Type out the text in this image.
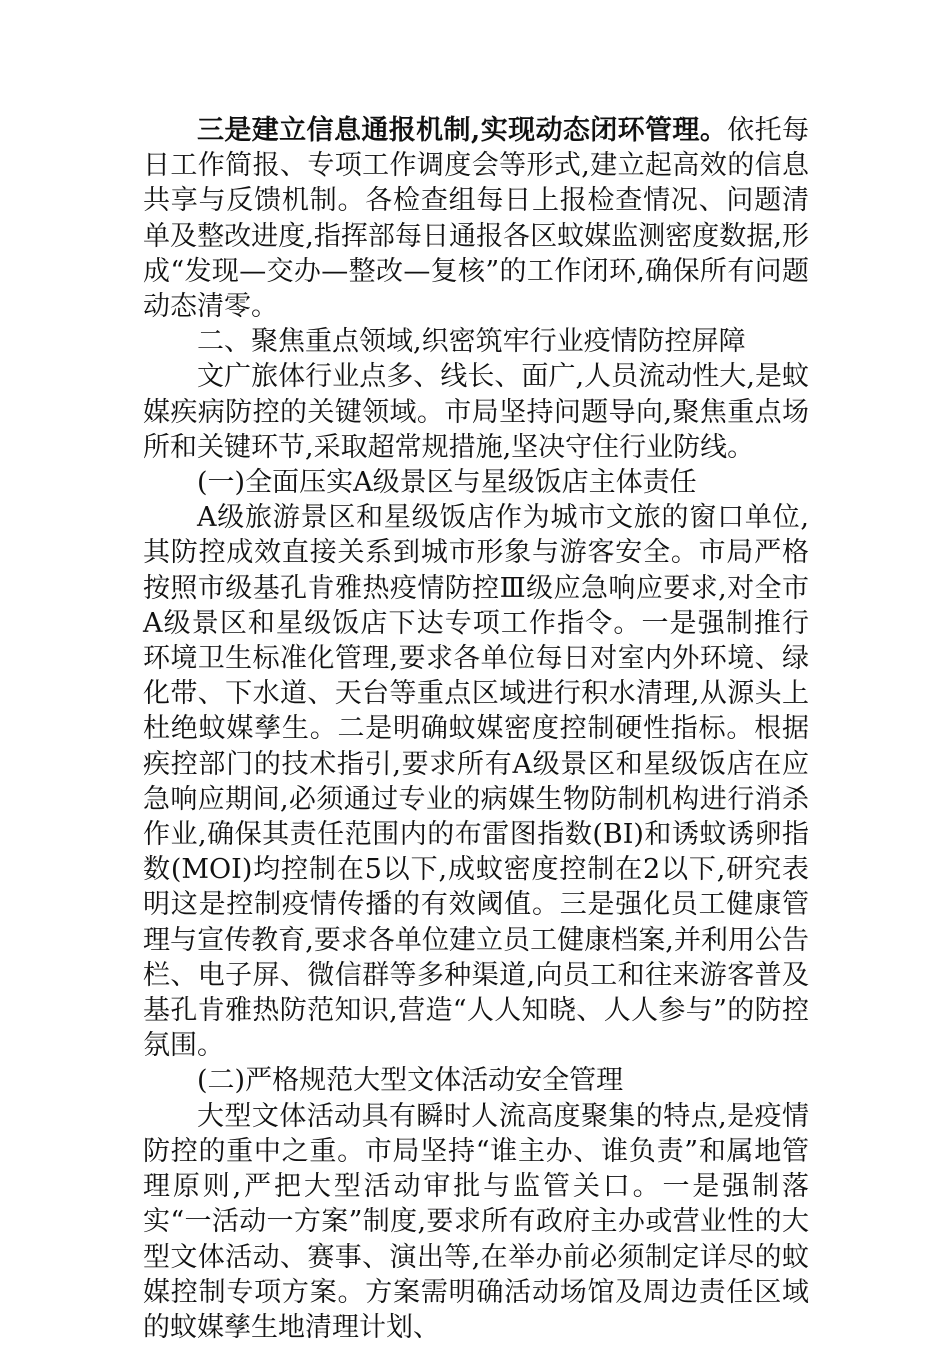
三是建立信息通报机制,实现动态闭环管理。依托每日工作简报、专项工作调度会等形式,建立起高效的信息共享与反馈机制。各检查组每日上报检查情况、问题清单及整改进度,指挥部每日通报各区蚊媒监测密度数据,形成“发现—交办—整改—复核”的工作闭环,确保所有问题动态清零。

二、聚焦重点领域,织密筑牢行业疫情防控屏障

文广旅体行业点多、线长、面广,人员流动性大,是蚊媒疾病防控的关键领域。市局坚持问题导向,聚焦重点场所和关键环节,采取超常规措施,坚决守住行业防线。

(一)全面压实A级景区与星级饭店主体责任

A级旅游景区和星级饭店作为城市文旅的窗口单位,其防控成效直接关系到城市形象与游客安全。市局严格按照市级基孔肯雅热疫情防控Ⅲ级应急响应要求,对全市A级景区和星级饭店下达专项工作指令。一是强制推行环境卫生标准化管理,要求各单位每日对室内外环境、绿化带、下水道、天台等重点区域进行积水清理,从源头上杜绝蚊媒孳生。二是明确蚊媒密度控制硬性指标。根据疾控部门的技术指引,要求所有A级景区和星级饭店在应急响应期间,必须通过专业的病媒生物防制机构进行消杀作业,确保其责任范围内的布雷图指数(BI)和诱蚊诱卵指数(MOI)均控制在5以下,成蚊密度控制在2以下,研究表明这是控制疫情传播的有效阈值。三是强化员工健康管理与宣传教育,要求各单位建立员工健康档案,并利用公告栏、电子屏、微信群等多种渠道,向员工和往来游客普及基孔肯雅热防范知识,营造“人人知晓、人人参与”的防控氛围。

(二)严格规范大型文体活动安全管理

大型文体活动具有瞬时人流高度聚集的特点,是疫情防控的重中之重。市局坚持“谁主办、谁负责”和属地管理原则,严把大型活动审批与监管关口。一是强制落实“一活动一方案”制度,要求所有政府主办或营业性的大型文体活动、赛事、演出等,在举办前必须制定详尽的蚊媒控制专项方案。方案需明确活动场馆及周边责任区域的蚊媒孳生地清理计划、
